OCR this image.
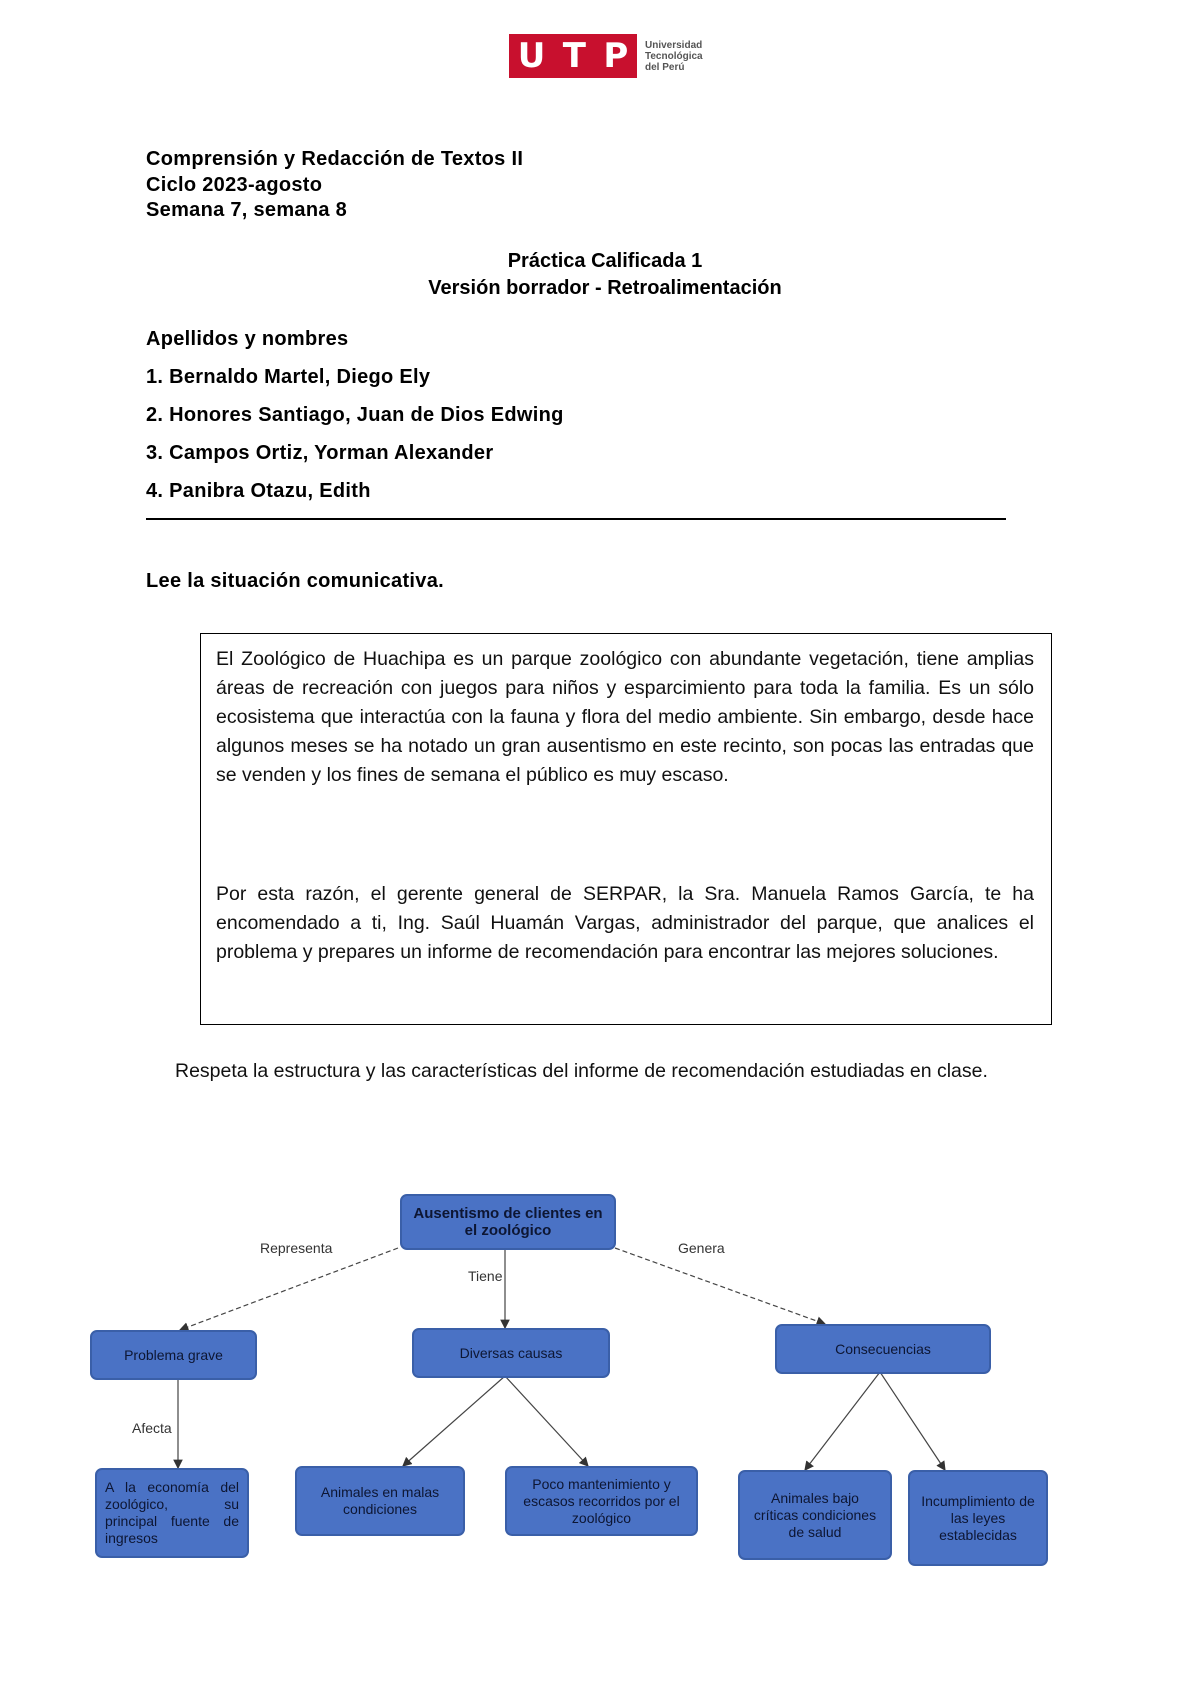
U T P Universidad
Tecnológica
del Perú
Comprensión y Redacción de Textos II
Ciclo 2023-agosto
Semana 7, semana 8
Práctica Calificada 1
Versión borrador - Retroalimentación
Apellidos y nombres
1. Bernaldo Martel, Diego Ely
2. Honores Santiago, Juan de Dios Edwing
3. Campos Ortiz, Yorman Alexander
4. Panibra Otazu, Edith
Lee la situación comunicativa.
El Zoológico de Huachipa es un parque zoológico con abundante vegetación, tiene amplias áreas de recreación con juegos para niños y esparcimiento para toda la familia. Es un sólo ecosistema que interactúa con la fauna y flora del medio ambiente. Sin embargo, desde hace algunos meses se ha notado un gran ausentismo en este recinto, son pocas las entradas que se venden y los fines de semana el público es muy escaso.
Por esta razón, el gerente general de SERPAR, la Sra. Manuela Ramos García, te ha encomendado a ti, Ing. Saúl Huamán Vargas, administrador del parque, que analices el problema y prepares un informe de recomendación para encontrar las mejores soluciones.
Respeta la estructura y las características del informe de recomendación estudiadas en clase.
Representa
Tiene
Genera
Afecta
Ausentismo de clientes en el zoológico
Problema grave	Diversas causas	Consecuencias
A la economía del zoológico, su principal fuente de ingresos
Animales en malas condiciones
Poco mantenimiento y escasos recorridos por el zoológico
Animales bajo críticas condiciones de salud
Incumplimiento de las leyes establecidas
